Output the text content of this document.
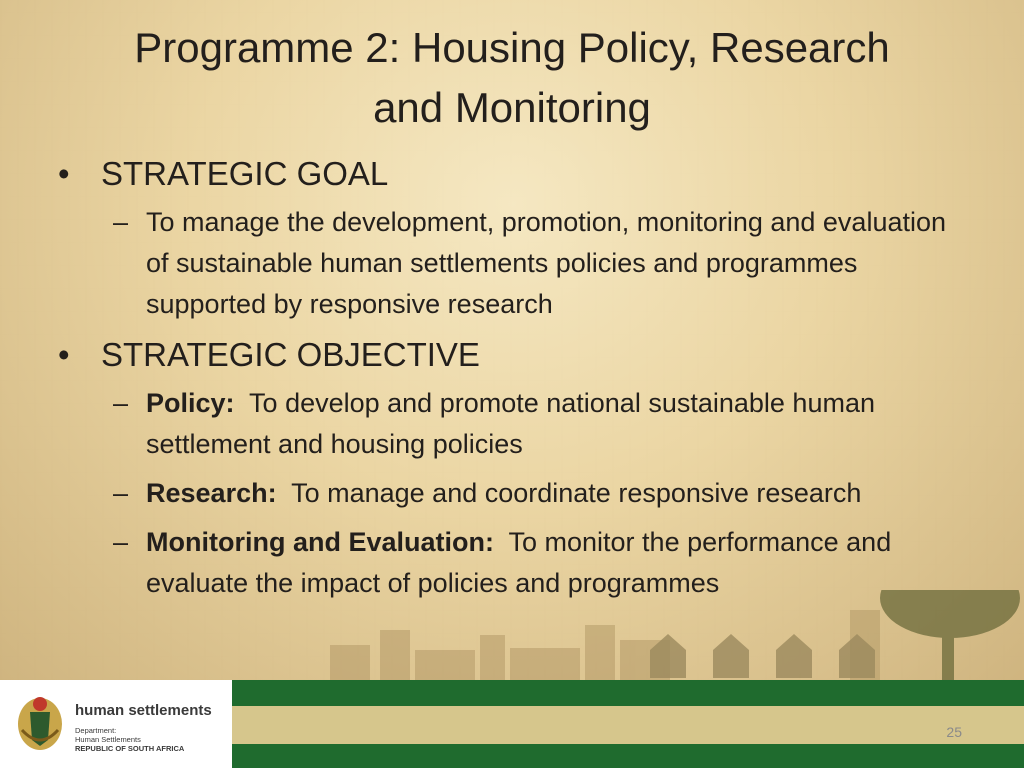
Programme 2: Housing Policy, Research
and Monitoring
• STRATEGIC GOAL
– To manage the development, promotion, monitoring and evaluation of sustainable human settlements policies and programmes supported by responsive research
• STRATEGIC OBJECTIVE
– Policy: To develop and promote national sustainable human settlement and housing policies
– Research: To manage and coordinate responsive research
– Monitoring and Evaluation: To monitor the performance and evaluate the impact of policies and programmes
human settlements
Department:
Human Settlements
REPUBLIC OF SOUTH AFRICA
25
